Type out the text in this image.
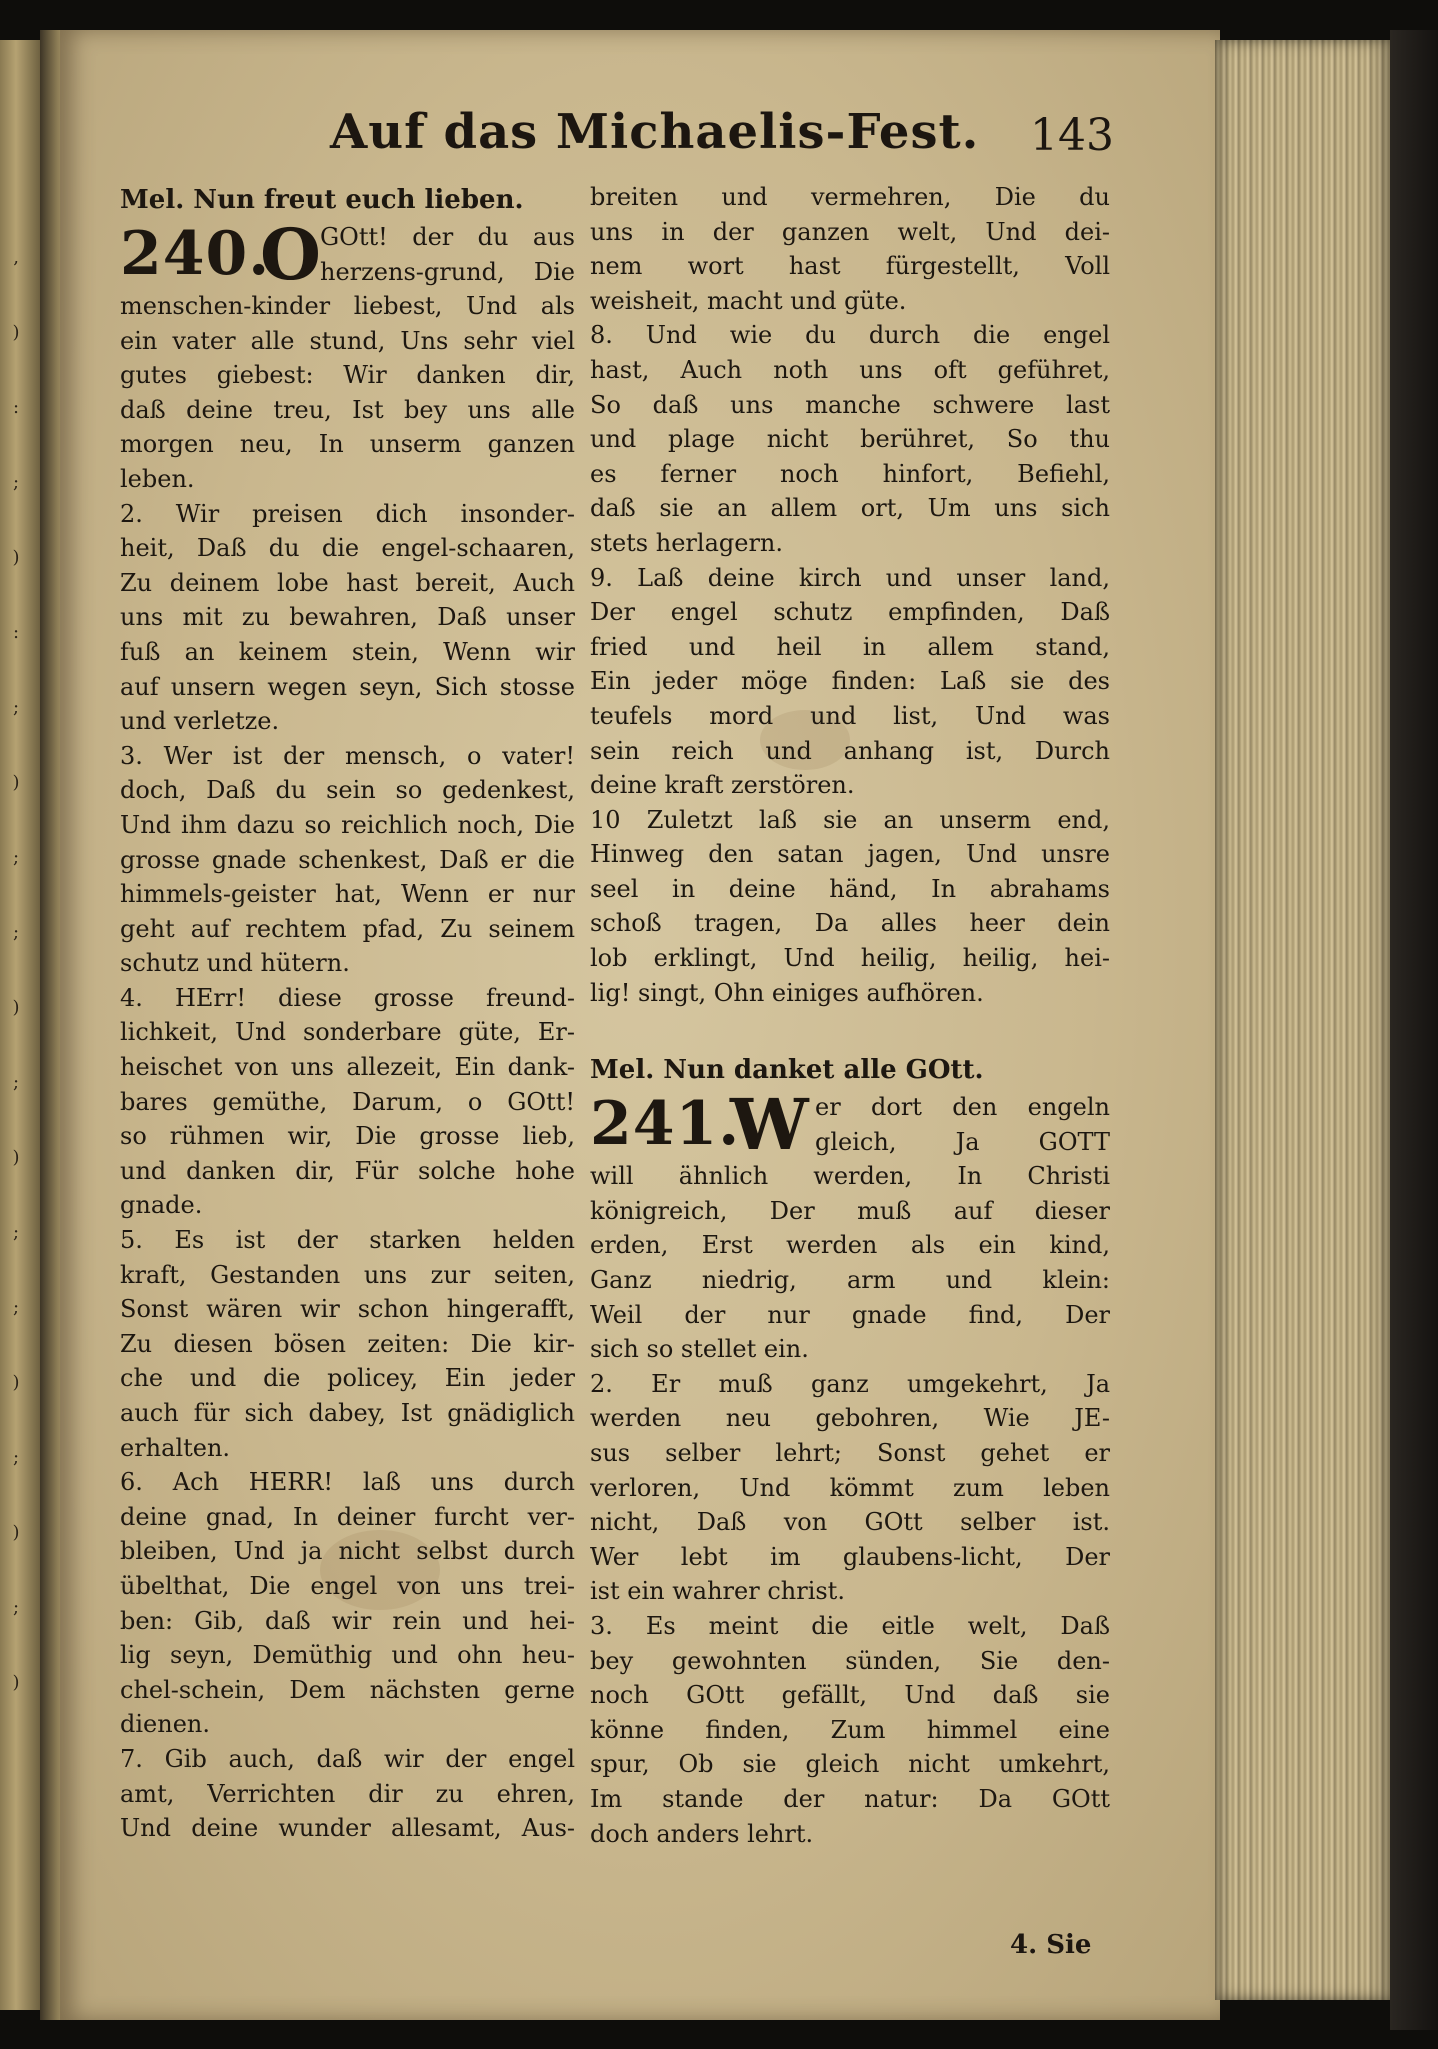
‚
)
:
;
)
:
;
)
;
;
)
;
)
;
;
)
;
)
;
)
Auf das Michaelis-Fest. 143
Mel. Nun freut euch lieben.
240.
O GOtt! der du aus
herzens-grund, Die
menschen-kinder liebest, Und als
ein vater alle stund, Uns sehr viel
gutes giebest: Wir danken dir,
daß deine treu, Ist bey uns alle
morgen neu, In unserm ganzen
leben.
2. Wir preisen dich insonder-
heit, Daß du die engel-schaaren,
Zu deinem lobe hast bereit, Auch
uns mit zu bewahren, Daß unser
fuß an keinem stein, Wenn wir
auf unsern wegen seyn, Sich stosse
und verletze.
3. Wer ist der mensch, o vater!
doch, Daß du sein so gedenkest,
Und ihm dazu so reichlich noch, Die
grosse gnade schenkest, Daß er die
himmels-geister hat, Wenn er nur
geht auf rechtem pfad, Zu seinem
schutz und hütern.
4. HErr! diese grosse freund-
lichkeit, Und sonderbare güte, Er-
heischet von uns allezeit, Ein dank-
bares gemüthe, Darum, o GOtt!
so rühmen wir, Die grosse lieb,
und danken dir, Für solche hohe
gnade.
5. Es ist der starken helden
kraft, Gestanden uns zur seiten,
Sonst wären wir schon hingerafft,
Zu diesen bösen zeiten: Die kir-
che und die policey, Ein jeder
auch für sich dabey, Ist gnädiglich
erhalten.
6. Ach HERR! laß uns durch
deine gnad, In deiner furcht ver-
bleiben, Und ja nicht selbst durch
übelthat, Die engel von uns trei-
ben: Gib, daß wir rein und hei-
lig seyn, Demüthig und ohn heu-
chel-schein, Dem nächsten gerne
dienen.
7. Gib auch, daß wir der engel
amt, Verrichten dir zu ehren,
Und deine wunder allesamt, Aus-
breiten und vermehren, Die du
uns in der ganzen welt, Und dei-
nem wort hast fürgestellt, Voll
weisheit, macht und güte.
8. Und wie du durch die engel
hast, Auch noth uns oft geführet,
So daß uns manche schwere last
und plage nicht berühret, So thu
es ferner noch hinfort, Befiehl,
daß sie an allem ort, Um uns sich
stets herlagern.
9. Laß deine kirch und unser land,
Der engel schutz empfinden, Daß
fried und heil in allem stand,
Ein jeder möge finden: Laß sie des
teufels mord und list, Und was
sein reich und anhang ist, Durch
deine kraft zerstören.
10 Zuletzt laß sie an unserm end,
Hinweg den satan jagen, Und unsre
seel in deine händ, In abrahams
schoß tragen, Da alles heer dein
lob erklingt, Und heilig, heilig, hei-
lig! singt, Ohn einiges aufhören.
Mel. Nun danket alle GOtt.
241.
W er dort den engeln
gleich, Ja GOTT
will ähnlich werden, In Christi
königreich, Der muß auf dieser
erden, Erst werden als ein kind,
Ganz niedrig, arm und klein:
Weil der nur gnade find, Der
sich so stellet ein.
2. Er muß ganz umgekehrt, Ja
werden neu gebohren, Wie JE-
sus selber lehrt; Sonst gehet er
verloren, Und kömmt zum leben
nicht, Daß von GOtt selber ist.
Wer lebt im glaubens-licht, Der
ist ein wahrer christ.
3. Es meint die eitle welt, Daß
bey gewohnten sünden, Sie den-
noch GOtt gefällt, Und daß sie
könne finden, Zum himmel eine
spur, Ob sie gleich nicht umkehrt,
Im stande der natur: Da GOtt
doch anders lehrt.
4. Sie
